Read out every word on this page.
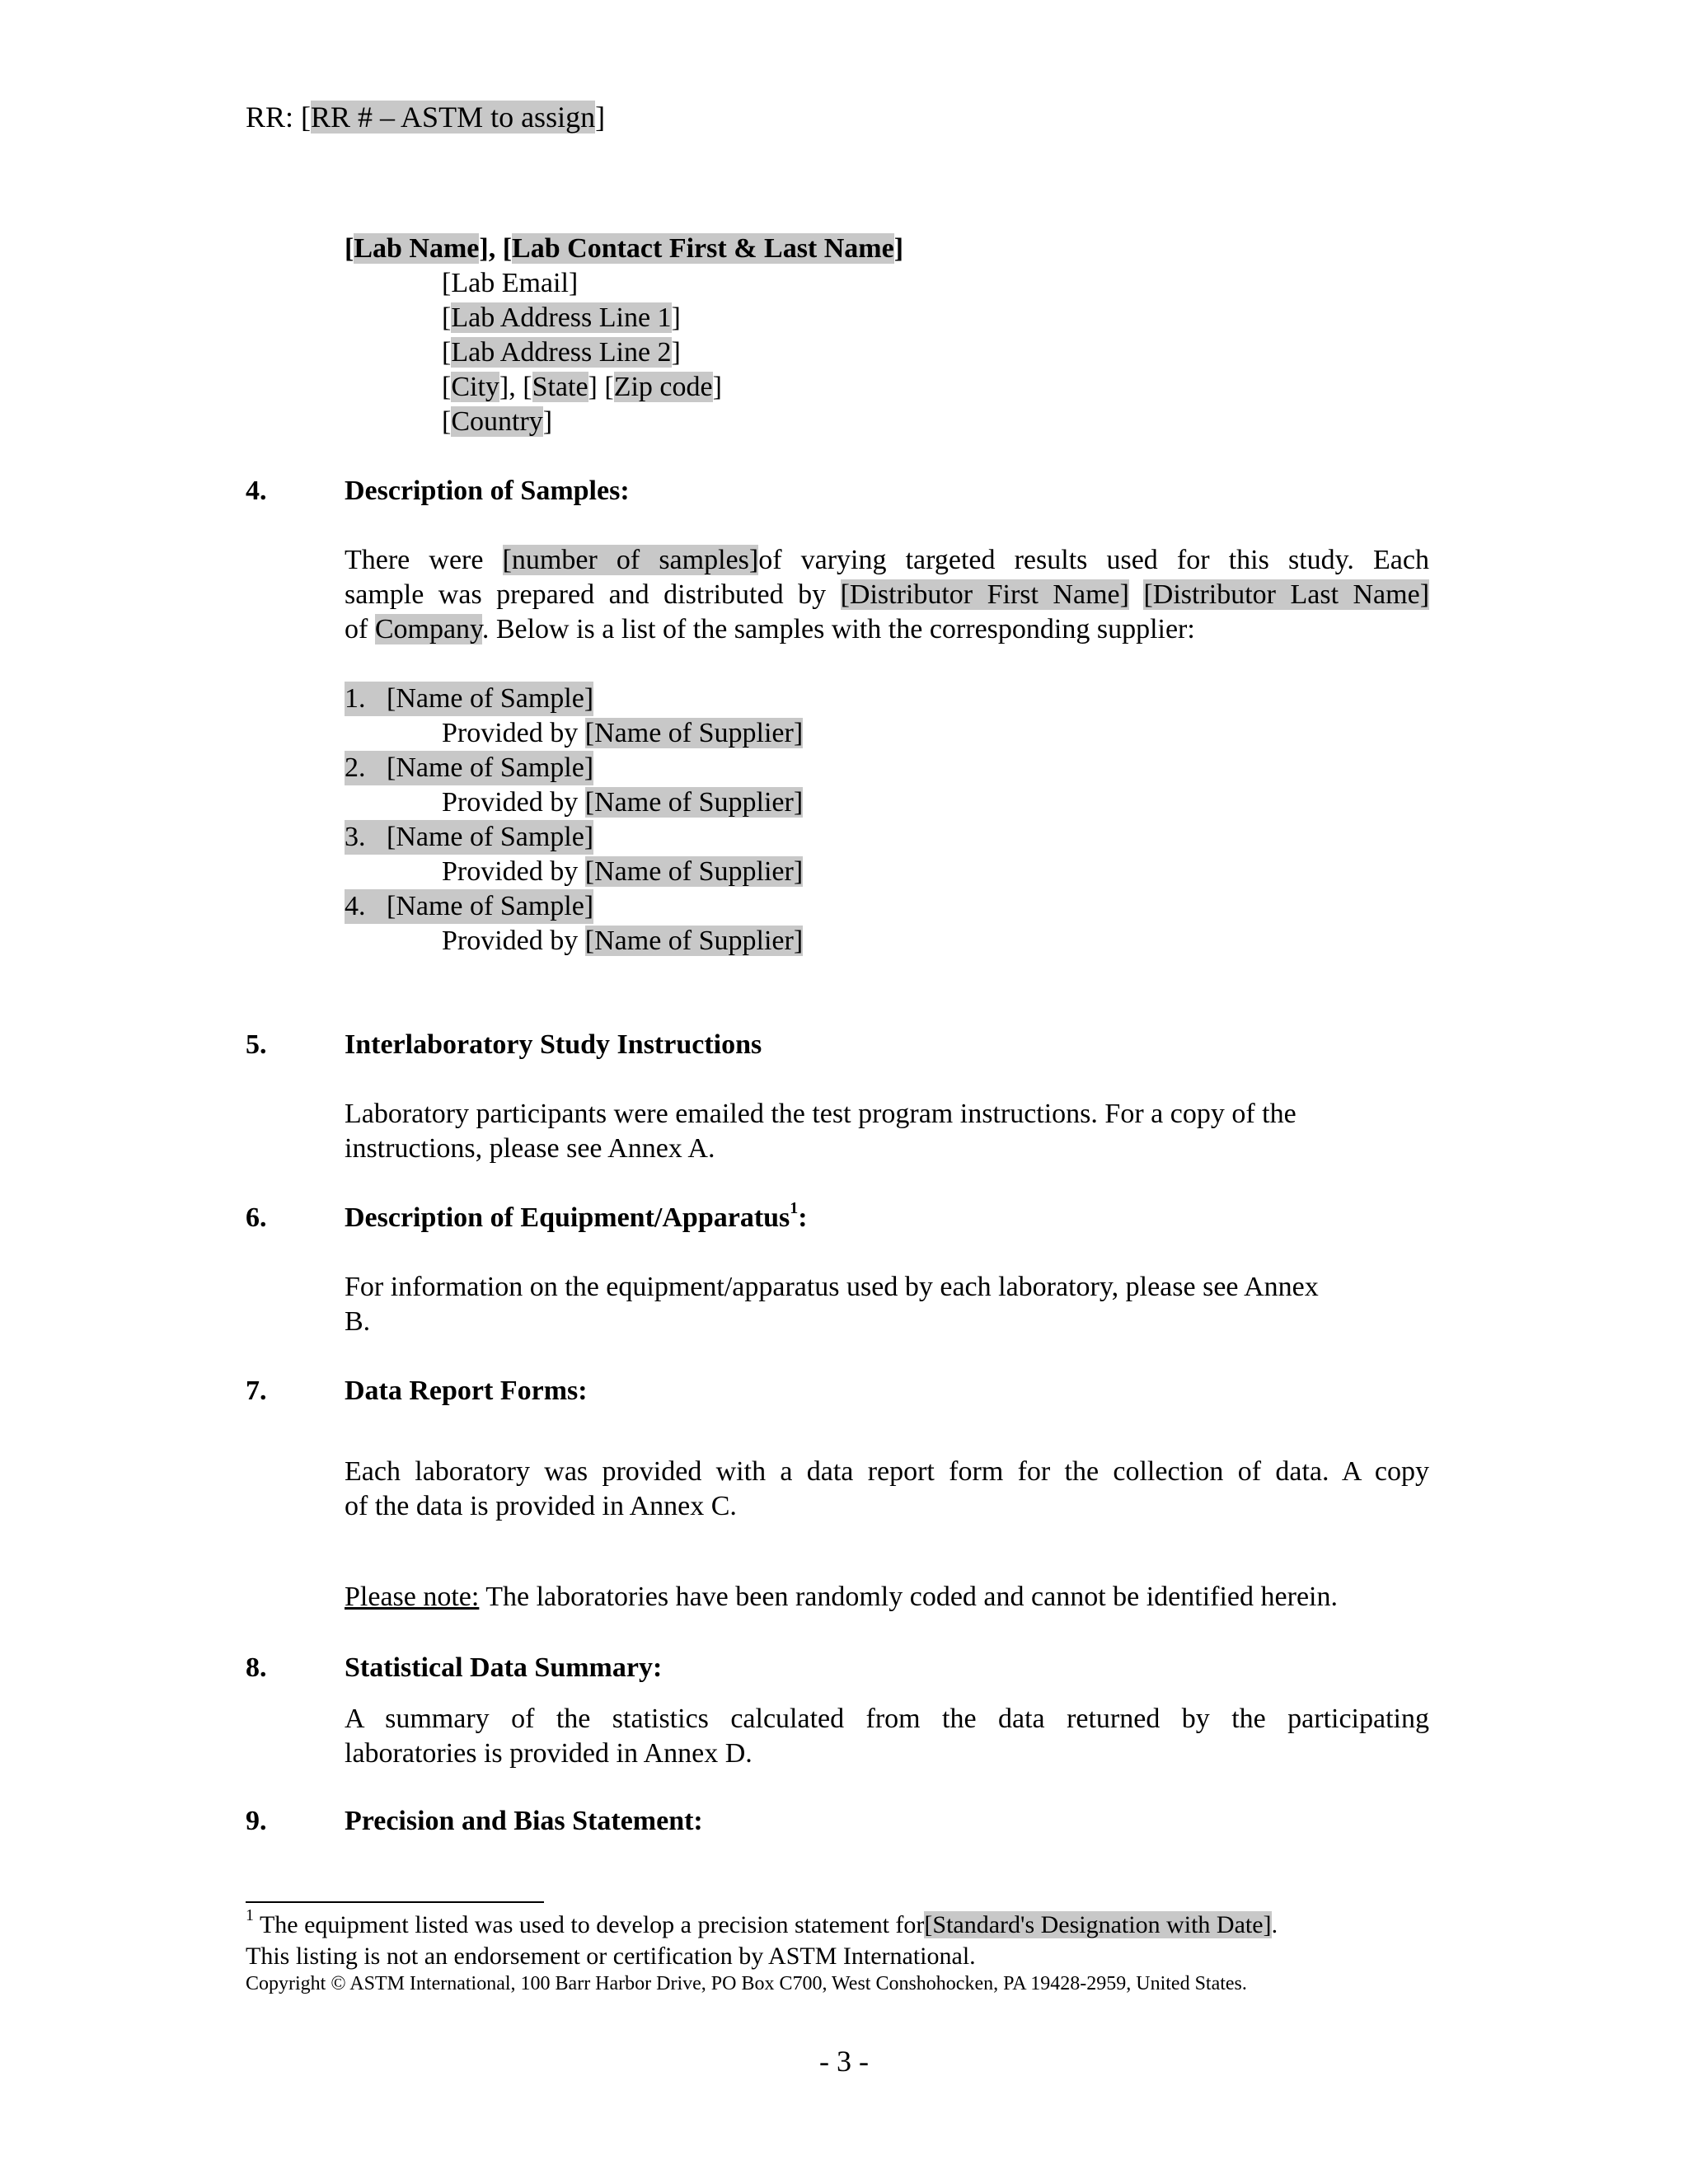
RR: [RR # – ASTM to assign]
[Lab Name], [Lab Contact First & Last Name]
[Lab Email]
[Lab Address Line 1]
[Lab Address Line 2]
[City], [State] [Zip code]
[Country]
4.	Description of Samples:
There were [number of samples]of varying targeted results used for this study. Each
sample was prepared and distributed by [Distributor First Name] [Distributor Last Name]
of Company. Below is a list of the samples with the corresponding supplier:
1. [Name of Sample]
Provided by [Name of Supplier]
2. [Name of Sample]
Provided by [Name of Supplier]
3. [Name of Sample]
Provided by [Name of Supplier]
4. [Name of Sample]
Provided by [Name of Supplier]
5.	Interlaboratory Study Instructions
Laboratory participants were emailed the test program instructions. For a copy of the
instructions, please see Annex A.
6.	Description of Equipment/Apparatus$^1$:
For information on the equipment/apparatus used by each laboratory, please see Annex
B.
7.	Data Report Forms:
Each laboratory was provided with a data report form for the collection of data. A copy
of the data is provided in Annex C.
Please note: The laboratories have been randomly coded and cannot be identified herein.
8.	Statistical Data Summary:
A summary of the statistics calculated from the data returned by the participating
laboratories is provided in Annex D.
9.	Precision and Bias Statement:
$^1$ The equipment listed was used to develop a precision statement for[Standard's Designation with Date].
This listing is not an endorsement or certification by ASTM International.
Copyright © ASTM International, 100 Barr Harbor Drive, PO Box C700, West Conshohocken, PA 19428-2959, United States.
- 3 -
